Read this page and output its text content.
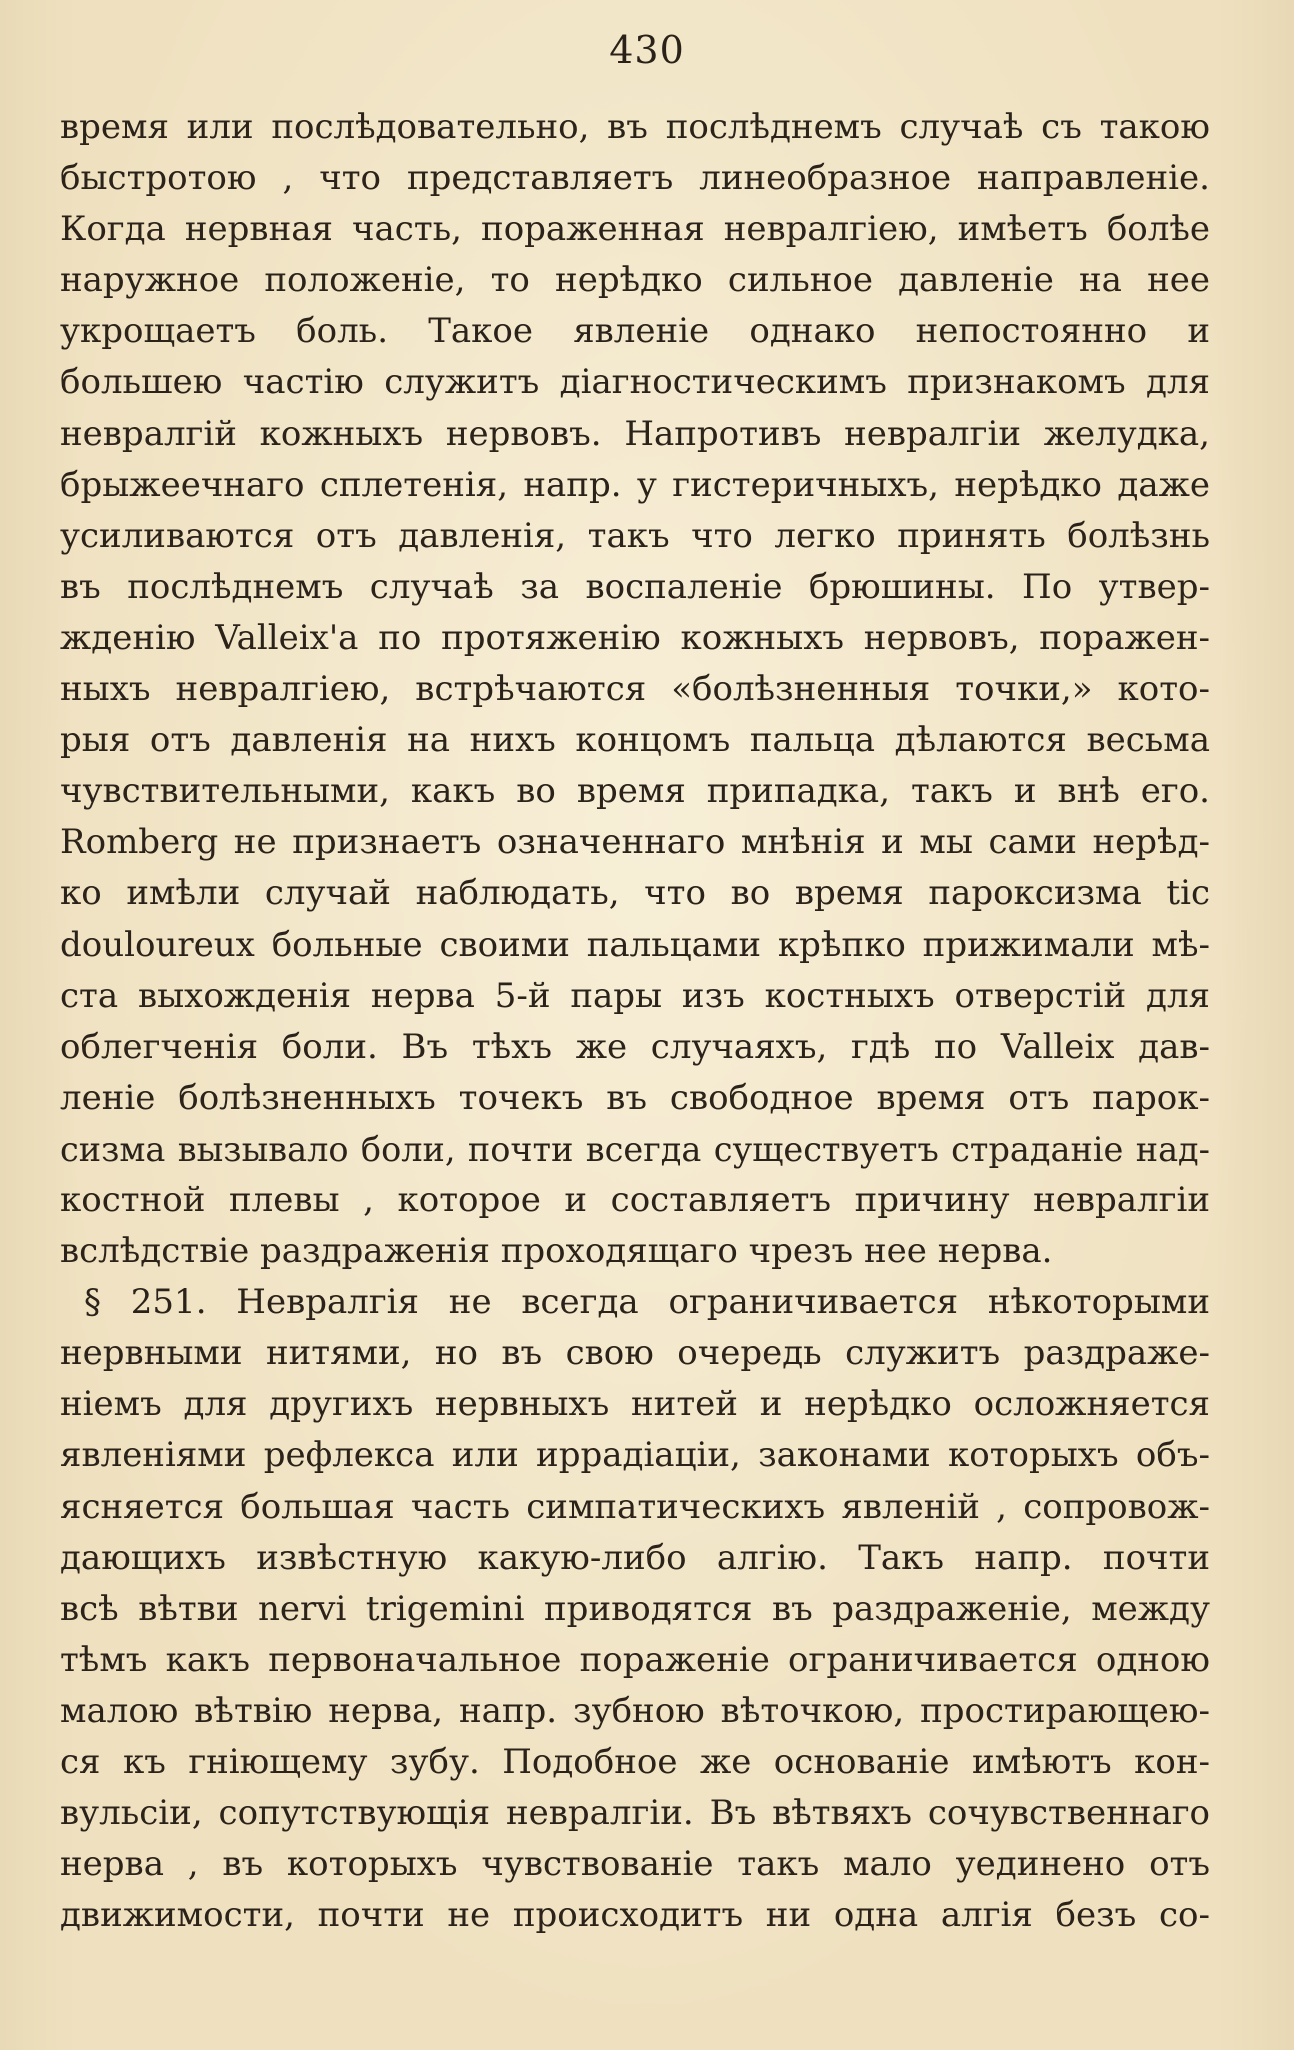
430
время или послѣдовательно, въ послѣднемъ случаѣ съ такою
быстротою , что представляетъ линеобразное направленіе.
Когда нервная часть, пораженная невралгіею, имѣетъ болѣе
наружное положеніе, то нерѣдко сильное давленіе на нее
укрощаетъ боль. Такое явленіе однако непостоянно и
большею частію служитъ діагностическимъ признакомъ для
невралгій кожныхъ нервовъ. Напротивъ невралгіи желудка,
брыжеечнаго сплетенія, напр. у гистеричныхъ, нерѣдко даже
усиливаются отъ давленія, такъ что легко принять болѣзнь
въ послѣднемъ случаѣ за воспаленіе брюшины. По утвер-
жденію Valleix'а по протяженію кожныхъ нервовъ, поражен-
ныхъ невралгіею, встрѣчаются «болѣзненныя точки,» кото-
рыя отъ давленія на нихъ концомъ пальца дѣлаются весьма
чувствительными, какъ во время припадка, такъ и внѣ его.
Romberg не признаетъ означеннаго мнѣнія и мы сами нерѣд-
ко имѣли случай наблюдать, что во время пароксизма tic
douloureux больные своими пальцами крѣпко прижимали мѣ-
ста выхожденія нерва 5-й пары изъ костныхъ отверстій для
облегченія боли. Въ тѣхъ же случаяхъ, гдѣ по Valleix дав-
леніе болѣзненныхъ точекъ въ свободное время отъ парок-
сизма вызывало боли, почти всегда существуетъ страданіе над-
костной плевы , которое и составляетъ причину невралгіи
вслѣдствіе раздраженія проходящаго чрезъ нее нерва.
§ 251. Невралгія не всегда ограничивается нѣкоторыми
нервными нитями, но въ свою очередь служитъ раздраже-
ніемъ для другихъ нервныхъ нитей и нерѣдко осложняется
явленіями рефлекса или иррадіаціи, законами которыхъ объ-
ясняется большая часть симпатическихъ явленій , сопровож-
дающихъ извѣстную какую-либо алгію. Такъ напр. почти
всѣ вѣтви nervi trigemini приводятся въ раздраженіе, между
тѣмъ какъ первоначальное пораженіе ограничивается одною
малою вѣтвію нерва, напр. зубною вѣточкою, простирающею-
ся къ гніющему зубу. Подобное же основаніе имѣютъ кон-
вульсіи, сопутствующія невралгіи. Въ вѣтвяхъ сочувственнаго
нерва , въ которыхъ чувствованіе такъ мало уединено отъ
движимости, почти не происходитъ ни одна алгія безъ со-
